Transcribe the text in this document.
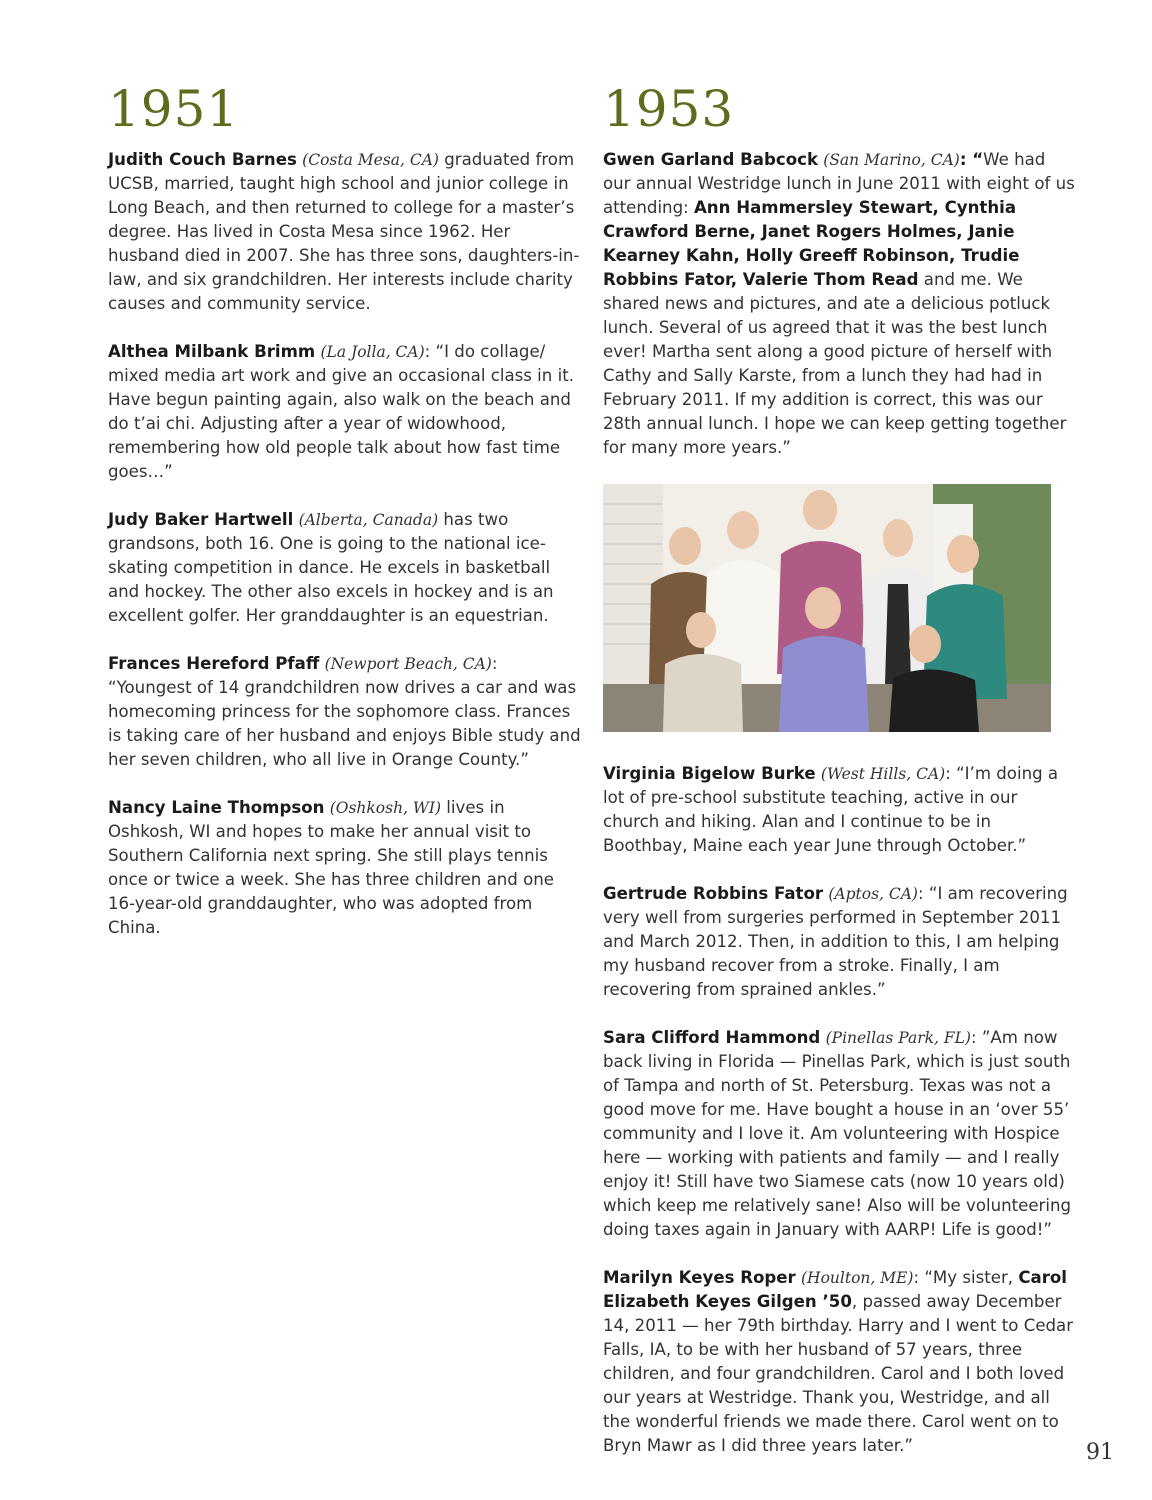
1951

Judith Couch Barnes (Costa Mesa, CA) graduated from UCSB, married, taught high school and junior college in Long Beach, and then returned to college for a master’s degree. Has lived in Costa Mesa since 1962. Her husband died in 2007. She has three sons, daughters-in-law, and six grandchildren. Her interests include charity causes and community service.

Althea Milbank Brimm (La Jolla, CA): “I do collage/ mixed media art work and give an occasional class in it. Have begun painting again, also walk on the beach and do t’ai chi. Adjusting after a year of widowhood, remembering how old people talk about how fast time goes…”

Judy Baker Hartwell (Alberta, Canada) has two grandsons, both 16. One is going to the national ice-skating competition in dance. He excels in basketball and hockey. The other also excels in hockey and is an excellent golfer. Her granddaughter is an equestrian.

Frances Hereford Pfaff (Newport Beach, CA): “Youngest of 14 grandchildren now drives a car and was homecoming princess for the sophomore class. Frances is taking care of her husband and enjoys Bible study and her seven children, who all live in Orange County.”

Nancy Laine Thompson (Oshkosh, WI) lives in Oshkosh, WI and hopes to make her annual visit to Southern California next spring. She still plays tennis once or twice a week. She has three children and one 16-year-old granddaughter, who was adopted from China.

1953

Gwen Garland Babcock (San Marino, CA): “We had our annual Westridge lunch in June 2011 with eight of us attending: Ann Hammersley Stewart, Cynthia Crawford Berne, Janet Rogers Holmes, Janie Kearney Kahn, Holly Greeff Robinson, Trudie Robbins Fator, Valerie Thom Read and me. We shared news and pictures, and ate a delicious potluck lunch. Several of us agreed that it was the best lunch ever! Martha sent along a good picture of herself with Cathy and Sally Karste, from a lunch they had had in February 2011. If my addition is correct, this was our 28th annual lunch. I hope we can keep getting together for many more years.”

Virginia Bigelow Burke (West Hills, CA): “I’m doing a lot of pre-school substitute teaching, active in our church and hiking. Alan and I continue to be in Boothbay, Maine each year June through October.”

Gertrude Robbins Fator (Aptos, CA): “I am recovering very well from surgeries performed in September 2011 and March 2012. Then, in addition to this, I am helping my husband recover from a stroke. Finally, I am recovering from sprained ankles.”

Sara Clifford Hammond (Pinellas Park, FL): ”Am now back living in Florida — Pinellas Park, which is just south of Tampa and north of St. Petersburg. Texas was not a good move for me. Have bought a house in an ‘over 55’ community and I love it. Am volunteering with Hospice here — working with patients and family — and I really enjoy it! Still have two Siamese cats (now 10 years old) which keep me relatively sane! Also will be volunteering doing taxes again in January with AARP! Life is good!”

Marilyn Keyes Roper (Houlton, ME): “My sister, Carol Elizabeth Keyes Gilgen ’50, passed away December 14, 2011 — her 79th birthday. Harry and I went to Cedar Falls, IA, to be with her husband of 57 years, three children, and four grandchildren. Carol and I both loved our years at Westridge. Thank you, Westridge, and all the wonderful friends we made there. Carol went on to Bryn Mawr as I did three years later.”	91
